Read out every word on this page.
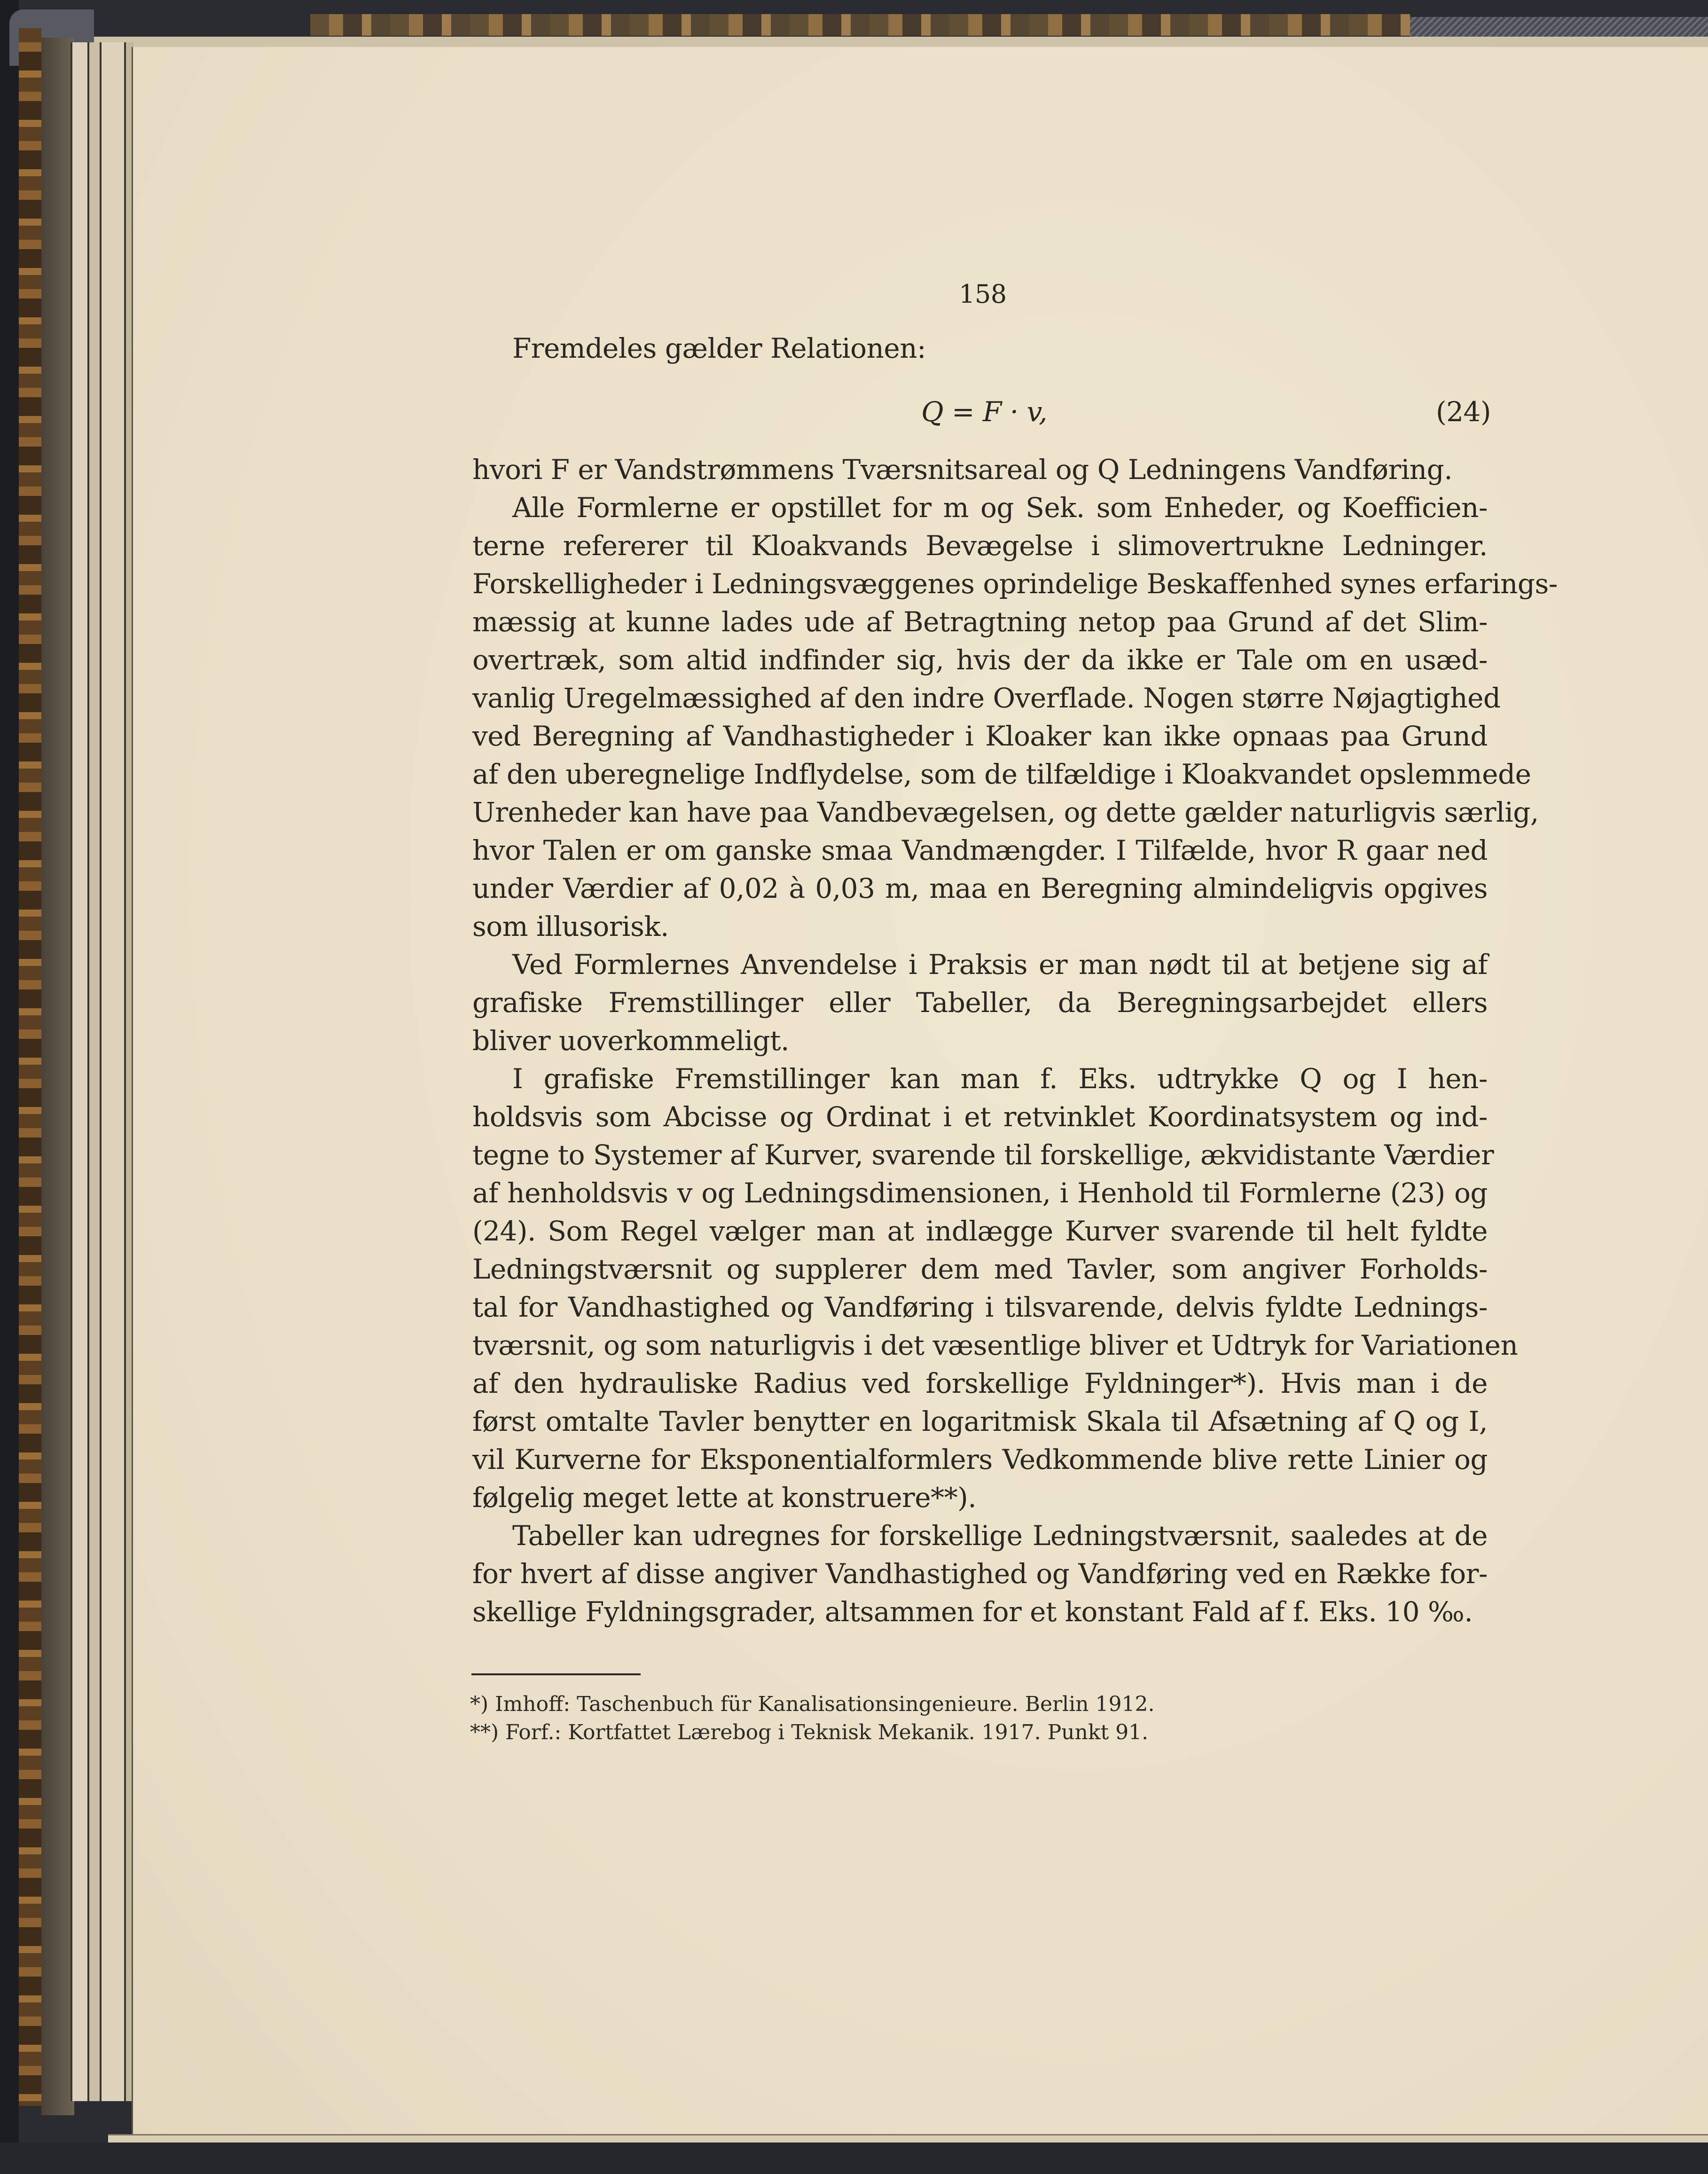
158
Fremdeles gælder Relationen:
Q = F · v,	(24)
hvori F er Vandstrømmens Tværsnitsareal og Q Ledningens Vandføring.
Alle Formlerne er opstillet for m og Sek. som Enheder, og Koefficien-
terne refererer til Kloakvands Bevægelse i slimovertrukne Ledninger.
Forskelligheder i Ledningsvæggenes oprindelige Beskaffenhed synes erfarings-
mæssig at kunne lades ude af Betragtning netop paa Grund af det Slim-
overtræk, som altid indfinder sig, hvis der da ikke er Tale om en usæd-
vanlig Uregelmæssighed af den indre Overflade. Nogen større Nøjagtighed
ved Beregning af Vandhastigheder i Kloaker kan ikke opnaas paa Grund
af den uberegnelige Indflydelse, som de tilfældige i Kloakvandet opslemmede
Urenheder kan have paa Vandbevægelsen, og dette gælder naturligvis særlig,
hvor Talen er om ganske smaa Vandmængder. I Tilfælde, hvor R gaar ned
under Værdier af 0,02 à 0,03 m, maa en Beregning almindeligvis opgives
som illusorisk.
Ved Formlernes Anvendelse i Praksis er man nødt til at betjene sig af
grafiske Fremstillinger eller Tabeller, da Beregningsarbejdet ellers
bliver uoverkommeligt.
I grafiske Fremstillinger kan man f. Eks. udtrykke Q og I hen-
holdsvis som Abcisse og Ordinat i et retvinklet Koordinatsystem og ind-
tegne to Systemer af Kurver, svarende til forskellige, ækvidistante Værdier
af henholdsvis v og Ledningsdimensionen, i Henhold til Formlerne (23) og
(24). Som Regel vælger man at indlægge Kurver svarende til helt fyldte
Ledningstværsnit og supplerer dem med Tavler, som angiver Forholds-
tal for Vandhastighed og Vandføring i tilsvarende, delvis fyldte Lednings-
tværsnit, og som naturligvis i det væsentlige bliver et Udtryk for Variationen
af den hydrauliske Radius ved forskellige Fyldninger*). Hvis man i de
først omtalte Tavler benytter en logaritmisk Skala til Afsætning af Q og I,
vil Kurverne for Eksponentialformlers Vedkommende blive rette Linier og
følgelig meget lette at konstruere**).
Tabeller kan udregnes for forskellige Ledningstværsnit, saaledes at de
for hvert af disse angiver Vandhastighed og Vandføring ved en Række for-
skellige Fyldningsgrader, altsammen for et konstant Fald af f. Eks. 10 ‰.
*) Imhoff: Taschenbuch für Kanalisationsingenieure. Berlin 1912.
**) Forf.: Kortfattet Lærebog i Teknisk Mekanik. 1917. Punkt 91.
